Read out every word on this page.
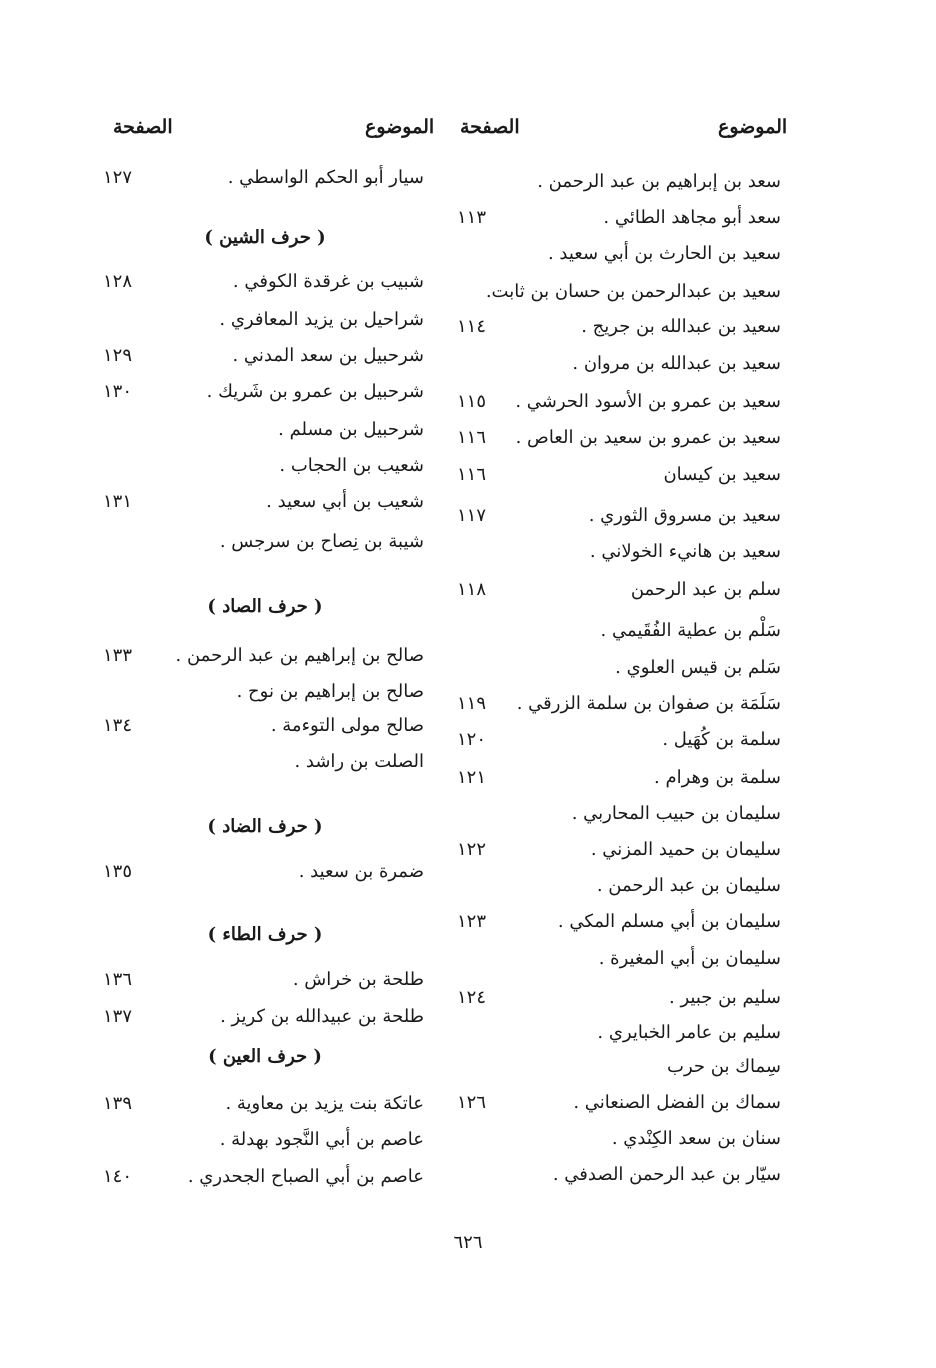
الموضوع
الصفحة
الموضوع
الصفحة
سعد بن إبراهيم بن عبد الرحمن .
سعد أبو مجاهد الطائي .
١١٣
سعيد بن الحارث بن أبي سعيد .
سعيد بن عبدالرحمن بن حسان بن ثابت.
سعيد بن عبدالله بن جريج .
١١٤
سعيد بن عبدالله بن مروان .
سعيد بن عمرو بن الأسود الحرشي .
١١٥
سعيد بن عمرو بن سعيد بن العاص .
١١٦
سعيد بن كيسان
١١٦
سعيد بن مسروق الثوري .
١١٧
سعيد بن هانيء الخولاني .
سلم بن عبد الرحمن
١١٨
سَلْم بن عطية الفُقَيمي .
سَلم بن قيس العلوي .
سَلَمَة بن صفوان بن سلمة الزرقي .
١١٩
سلمة بن كُهَيل .
١٢٠
سلمة بن وهرام .
١٢١
سليمان بن حبيب المحاربي .
سليمان بن حميد المزني .
١٢٢
سليمان بن عبد الرحمن .
سليمان بن أبي مسلم المكي .
١٢٣
سليمان بن أبي المغيرة .
سليم بن جبير .
١٢٤
سليم بن عامر الخبايري .
سِماك بن حرب
سماك بن الفضل الصنعاني .
١٢٦
سنان بن سعد الكِنْدي .
سيّار بن عبد الرحمن الصدفي .
سيار أبو الحكم الواسطي .
١٢٧
( حرف الشين )
شبيب بن غرقدة الكوفي .
١٢٨
شراحيل بن يزيد المعافري .
شرحبيل بن سعد المدني .
١٢٩
شرحبيل بن عمرو بن شَريك .
١٣٠
شرحبيل بن مسلم .
شعيب بن الحجاب .
شعيب بن أبي سعيد .
١٣١
شيبة بن نِصاح بن سرجس .
( حرف الصاد )
صالح بن إبراهيم بن عبد الرحمن .
١٣٣
صالح بن إبراهيم بن نوح .
صالح مولى التوءمة .
١٣٤
الصلت بن راشد .
( حرف الضاد )
ضمرة بن سعيد .
١٣٥
( حرف الطاء )
طلحة بن خراش .
١٣٦
طلحة بن عبيدالله بن كريز .
١٣٧
( حرف العين )
عاتكة بنت يزيد بن معاوية .
١٣٩
عاصم بن أبي النَّجود بهدلة .
عاصم بن أبي الصباح الجحدري .
١٤٠
٦٢٦
